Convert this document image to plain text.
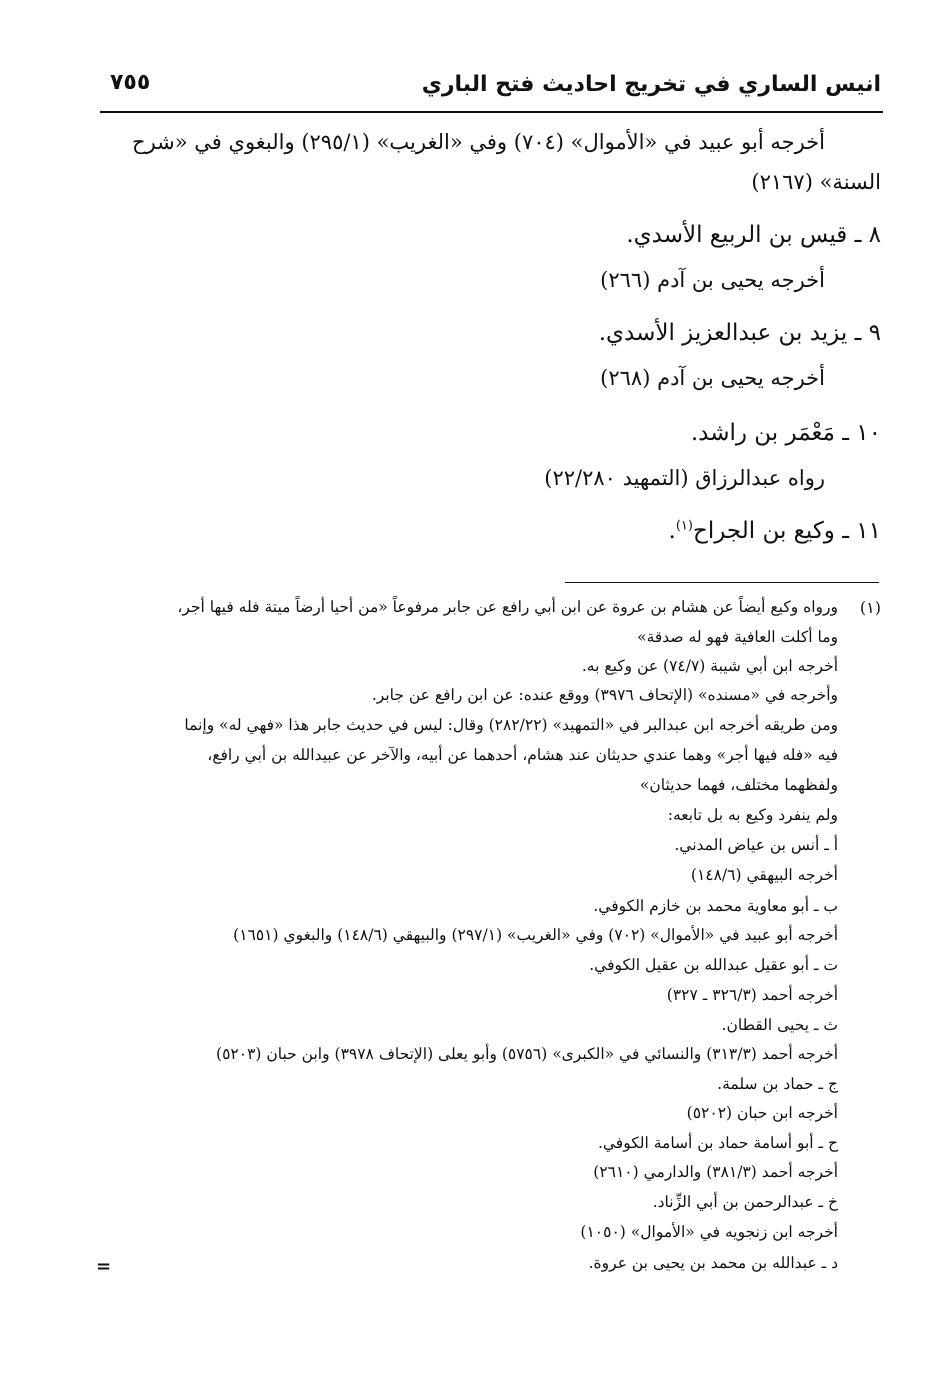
انيس الساري في تخريج احاديث فتح الباري
٧٥٥
أخرجه أبو عبيد في «الأموال» (٧٠٤) وفي «الغريب» (٢٩٥/١) والبغوي في «شرح
السنة» (٢١٦٧)
٨ ـ قيس بن الربيع الأسدي.
أخرجه يحيى بن آدم (٢٦٦)
٩ ـ يزيد بن عبدالعزيز الأسدي.
أخرجه يحيى بن آدم (٢٦٨)
١٠ ـ مَعْمَر بن راشد.
رواه عبدالرزاق (التمهيد ٢٢/٢٨٠)
١١ ـ وكيع بن الجراح$^{(١)}$.
(١)
ورواه وكيع أيضاً عن هشام بن عروة عن ابن أبي رافع عن جابر مرفوعاً «من أحيا أرضاً ميتة فله فيها أجر،
وما أكلت العافية فهو له صدقة»
أخرجه ابن أبي شيبة (٧٤/٧) عن وكيع به.
وأخرجه في «مسنده» (الإتحاف ٣٩٧٦) ووقع عنده: عن ابن رافع عن جابر.
ومن طريقه أخرجه ابن عبدالبر في «التمهيد» (٢٨٢/٢٢) وقال: ليس في حديث جابر هذا «فهي له» وإنما
فيه «فله فيها أجر» وهما عندي حديثان عند هشام، أحدهما عن أبيه، والآخر عن عبيدالله بن أبي رافع،
ولفظهما مختلف، فهما حديثان»
ولم ينفرد وكيع به بل تابعه:
أ ـ أنس بن عياض المدني.
أخرجه البيهقي (١٤٨/٦)
ب ـ أبو معاوية محمد بن خازم الكوفي.
أخرجه أبو عبيد في «الأموال» (٧٠٢) وفي «الغريب» (٢٩٧/١) والبيهقي (١٤٨/٦) والبغوي (١٦٥١)
ت ـ أبو عقيل عبدالله بن عقيل الكوفي.
أخرجه أحمد (٣٢٦/٣ ـ ٣٢٧)
ث ـ يحيى القطان.
أخرجه أحمد (٣١٣/٣) والنسائي في «الكبرى» (٥٧٥٦) وأبو يعلى (الإتحاف ٣٩٧٨) وابن حبان (٥٢٠٣)
ج ـ حماد بن سلمة.
أخرجه ابن حبان (٥٢٠٢)
ح ـ أبو أسامة حماد بن أسامة الكوفي.
أخرجه أحمد (٣٨١/٣) والدارمي (٢٦١٠)
خ ـ عبدالرحمن بن أبي الزِّناد.
أخرجه ابن زنجويه في «الأموال» (١٠٥٠)
د ـ عبدالله بن محمد بن يحيى بن عروة.
=
